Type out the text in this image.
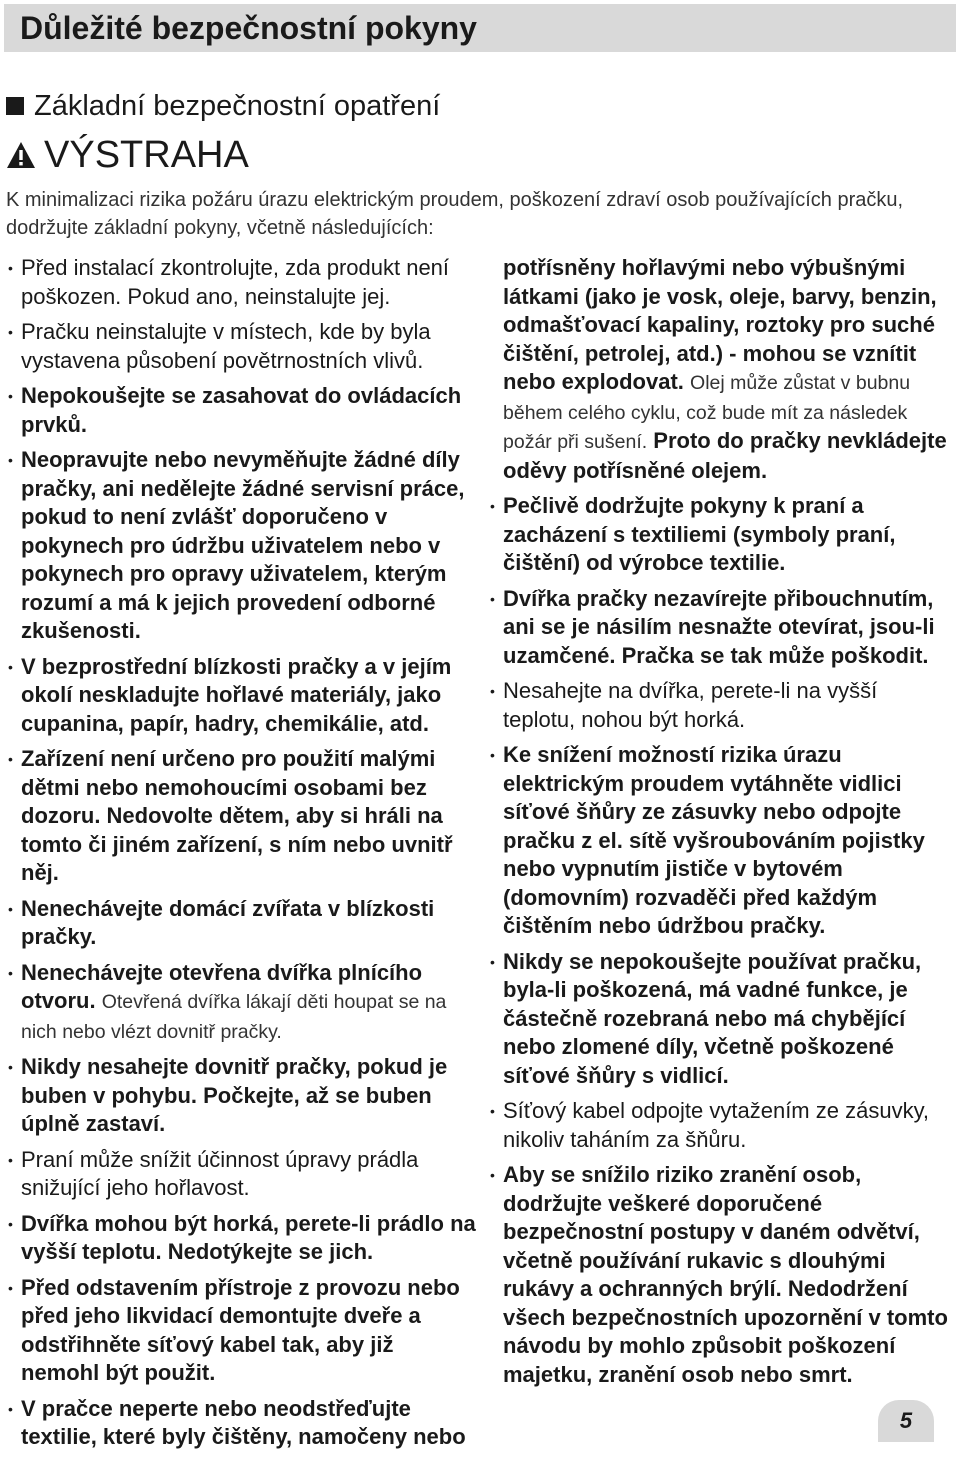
Důležité bezpečnostní pokyny
Základní bezpečnostní opatření
VÝSTRAHA
K minimalizaci rizika požáru úrazu elektrickým proudem, poškození zdraví osob používajících pračku, dodržujte základní pokyny, včetně následujících:
• Před instalací zkontrolujte, zda produkt není poškozen. Pokud ano, neinstalujte jej.
• Pračku neinstalujte v místech, kde by byla vystavena působení povětrnostních vlivů.
• Nepokoušejte se zasahovat do ovládacích prvků.
• Neopravujte nebo nevyměňujte žádné díly pračky, ani nedělejte žádné servisní práce, pokud to není zvlášť doporučeno v pokynech pro údržbu uživatelem nebo v pokynech pro opravy uživatelem, kterým rozumí a má k jejich provedení odborné zkušenosti.
• V bezprostřední blízkosti pračky a v jejím okolí neskladujte hořlavé materiály, jako cupanina, papír, hadry, chemikálie, atd.
• Zařízení není určeno pro použití malými dětmi nebo nemohoucími osobami bez dozoru. Nedovolte dětem, aby si hráli na tomto či jiném zařízení, s ním nebo uvnitř něj.
• Nenechávejte domácí zvířata v blízkosti pračky.
• Nenechávejte otevřena dvířka plnícího otvoru. Otevřená dvířka lákají děti houpat se na nich nebo vlézt dovnitř pračky.
• Nikdy nesahejte dovnitř pračky, pokud je buben v pohybu. Počkejte, až se buben úplně zastaví.
• Praní může snížit účinnost úpravy prádla snižující jeho hořlavost.
• Dvířka mohou být horká, perete-li prádlo na vyšší teplotu. Nedotýkejte se jich.
• Před odstavením přístroje z provozu nebo před jeho likvidací demontujte dveře a odstřihněte síťový kabel tak, aby již nemohl být použit.
• V pračce neperte nebo neodstřeďujte textilie, které byly čištěny, namočeny nebo
potřísněny hořlavými nebo výbušnými látkami (jako je vosk, oleje, barvy, benzin, odmašťovací kapaliny, roztoky pro suché čištění, petrolej, atd.) - mohou se vznítit nebo explodovat. Olej může zůstat v bubnu během celého cyklu, což bude mít za následek požár při sušení. Proto do pračky nevkládejte oděvy potřísněné olejem.
• Pečlivě dodržujte pokyny k praní a zacházení s textiliemi (symboly praní, čištění) od výrobce textilie.
• Dvířka pračky nezavírejte přibouchnutím, ani se je násilím nesnažte otevírat, jsou-li uzamčené. Pračka se tak může poškodit.
• Nesahejte na dvířka, perete-li na vyšší teplotu, nohou být horká.
• Ke snížení možností rizika úrazu elektrickým proudem vytáhněte vidlici síťové šňůry ze zásuvky nebo odpojte pračku z el. sítě vyšroubováním pojistky nebo vypnutím jističe v bytovém (domovním) rozvaděči před každým čištěním nebo údržbou pračky.
• Nikdy se nepokoušejte používat pračku, byla-li poškozená, má vadné funkce, je částečně rozebraná nebo má chybějící nebo zlomené díly, včetně poškozené síťové šňůry s vidlicí.
• Síťový kabel odpojte vytažením ze zásuvky, nikoliv taháním za šňůru.
• Aby se snížilo riziko zranění osob, dodržujte veškeré doporučené bezpečnostní postupy v daném odvětví, včetně používání rukavic s dlouhými rukávy a ochranných brýlí. Nedodržení všech bezpečnostních upozornění v tomto návodu by mohlo způsobit poškození majetku, zranění osob nebo smrt.
5
